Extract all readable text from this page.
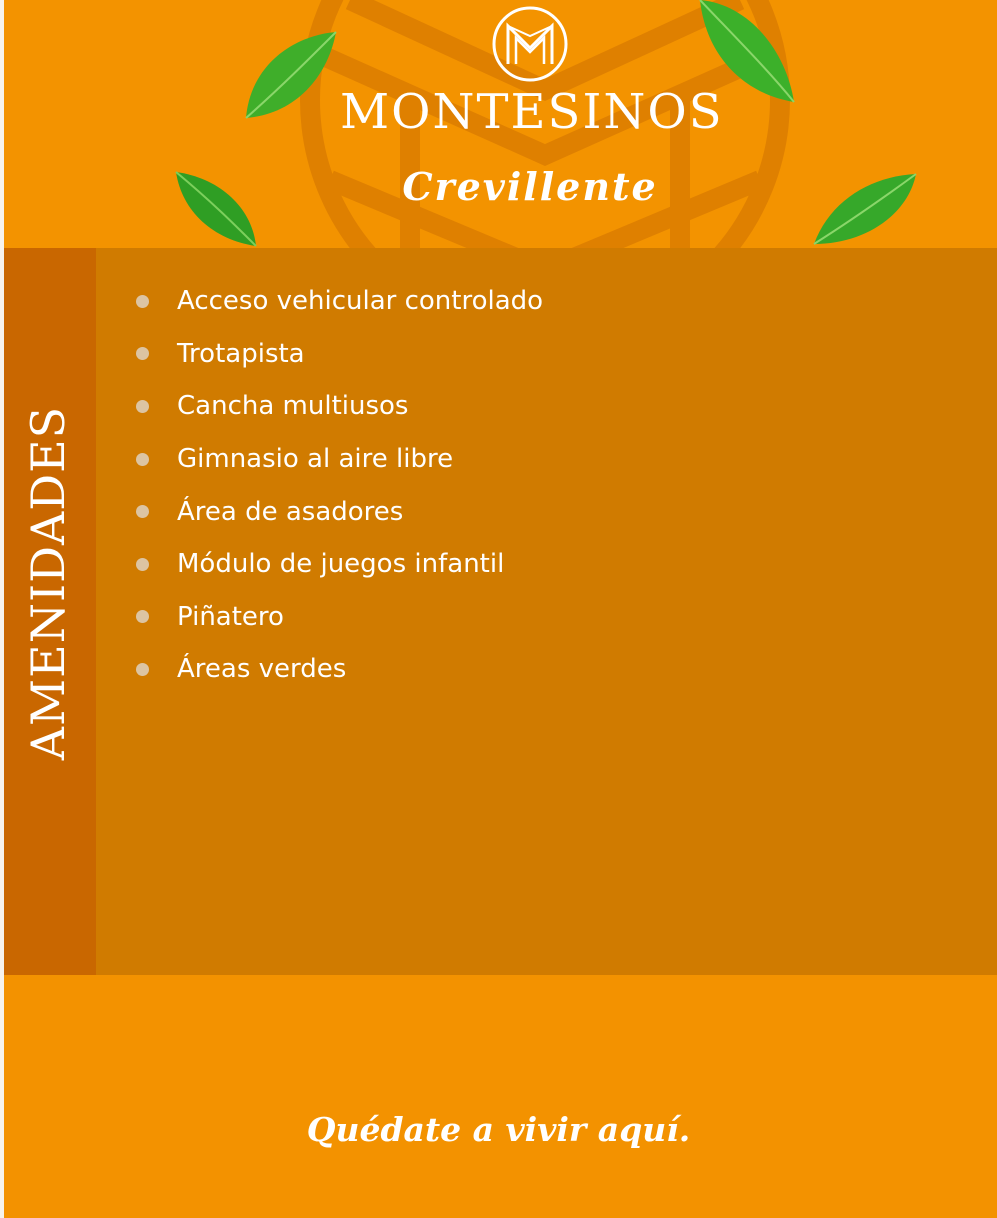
MONTESINOS
Crevillente
AMENIDADES
Acceso vehicular controlado
Trotapista
Cancha multiusos
Gimnasio al aire libre
Área de asadores
Módulo de juegos infantil
Piñatero
Áreas verdes
Quédate a vivir aquí.
